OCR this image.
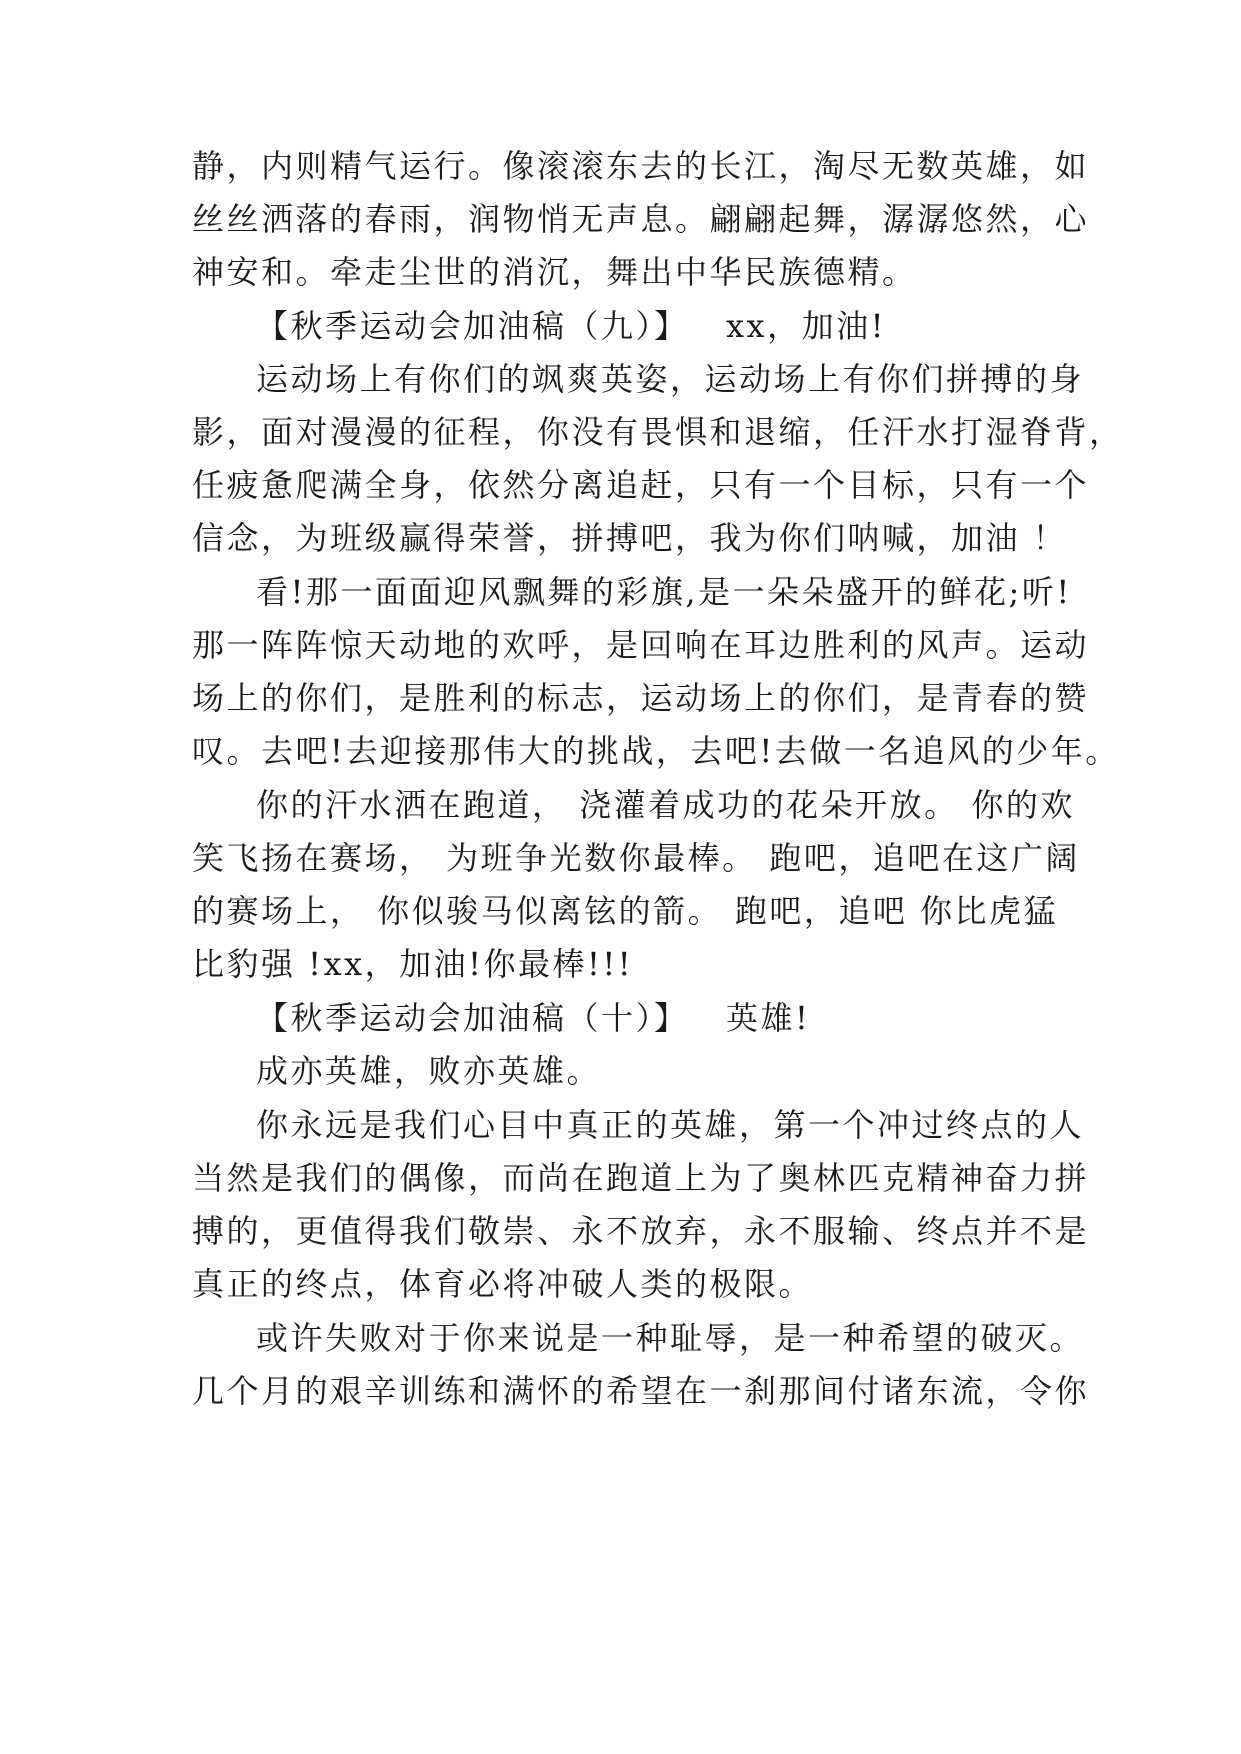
静，内则精气运行。像滚滚东去的长江，淘尽无数英雄，如
丝丝洒落的春雨，润物悄无声息。翩翩起舞，潺潺悠然，心
神安和。牵走尘世的消沉，舞出中华民族德精。

【秋季运动会加油稿（九）】

xx，加油!

运动场上有你们的飒爽英姿，运动场上有你们拼搏的身
影，面对漫漫的征程，你没有畏惧和退缩，任汗水打湿脊背，
任疲惫爬满全身，依然分离追赶，只有一个目标，只有一个
信念，为班级赢得荣誉，拼搏吧，我为你们呐喊，加油 ！
看!那一面面迎风飘舞的彩旗,是一朵朵盛开的鲜花;听!
那一阵阵惊天动地的欢呼，是回响在耳边胜利的风声。运动
场上的你们，是胜利的标志，运动场上的你们，是青春的赞
叹。去吧!去迎接那伟大的挑战，去吧!去做一名追风的少年。
你的汗水洒在跑道， 浇灌着成功的花朵开放。 你的欢
笑飞扬在赛场， 为班争光数你最棒。 跑吧，追吧在这广阔
的赛场上， 你似骏马似离铉的箭。 跑吧，追吧 你比虎猛
比豹强 !xx，加油!你最棒!!!

【秋季运动会加油稿（十）】

英雄!

成亦英雄，败亦英雄。
你永远是我们心目中真正的英雄，第一个冲过终点的人
当然是我们的偶像，而尚在跑道上为了奥林匹克精神奋力拼
搏的，更值得我们敬崇、永不放弃，永不服输、终点并不是
真正的终点，体育必将冲破人类的极限。
或许失败对于你来说是一种耻辱，是一种希望的破灭。
几个月的艰辛训练和满怀的希望在一刹那间付诸东流，令你
